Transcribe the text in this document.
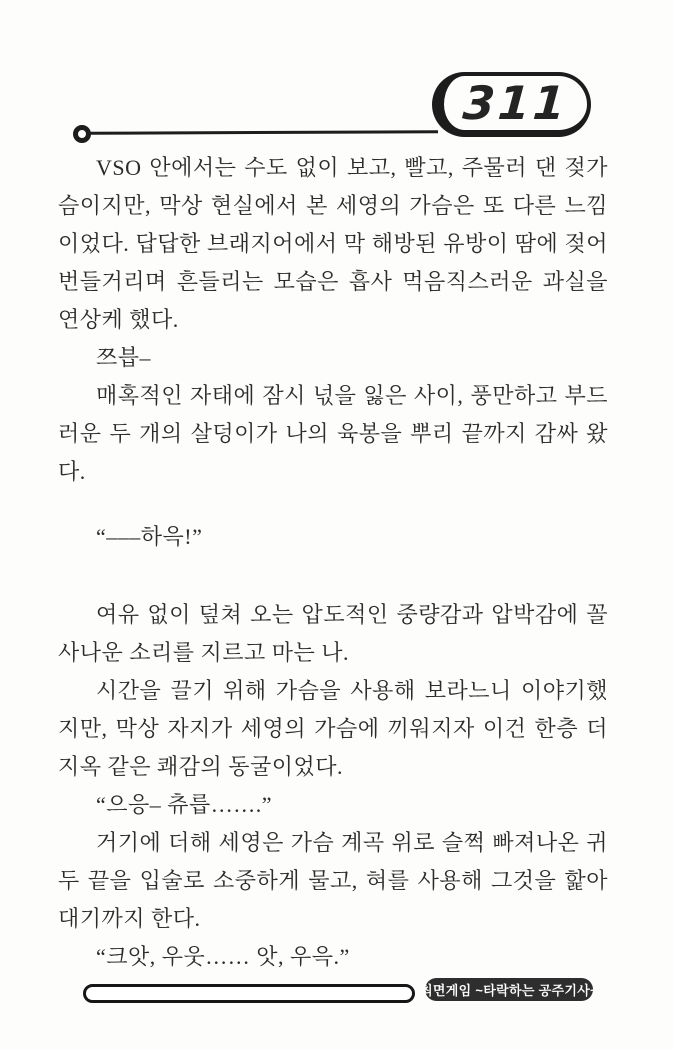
311

VSO 안에서는 수도 없이 보고, 빨고, 주물러 댄 젖가슴이지만, 막상 현실에서 본 세영의 가슴은 또 다른 느낌이었다. 답답한 브래지어에서 막 해방된 유방이 땀에 젖어 번들거리며 흔들리는 모습은 흡사 먹음직스러운 과실을 연상케 했다.

쯔븝–

매혹적인 자태에 잠시 넋을 잃은 사이, 풍만하고 부드러운 두 개의 살덩이가 나의 육봉을 뿌리 끝까지 감싸 왔다.

“–––하윽!”

여유 없이 덮쳐 오는 압도적인 중량감과 압박감에 꼴사나운 소리를 지르고 마는 나.

시간을 끌기 위해 가슴을 사용해 보라느니 이야기했지만, 막상 자지가 세영의 가슴에 끼워지자 이건 한층 더 지옥 같은 쾌감의 동굴이었다.

“으응– 츄릅…….”

거기에 더해 세영은 가슴 계곡 위로 슬쩍 빠져나온 귀두 끝을 입술로 소중하게 물고, 혀를 사용해 그것을 핥아대기까지 한다.

“크앗, 우웃…… 앗, 우윽.”

최면게임 ~타락하는 공주기사~
